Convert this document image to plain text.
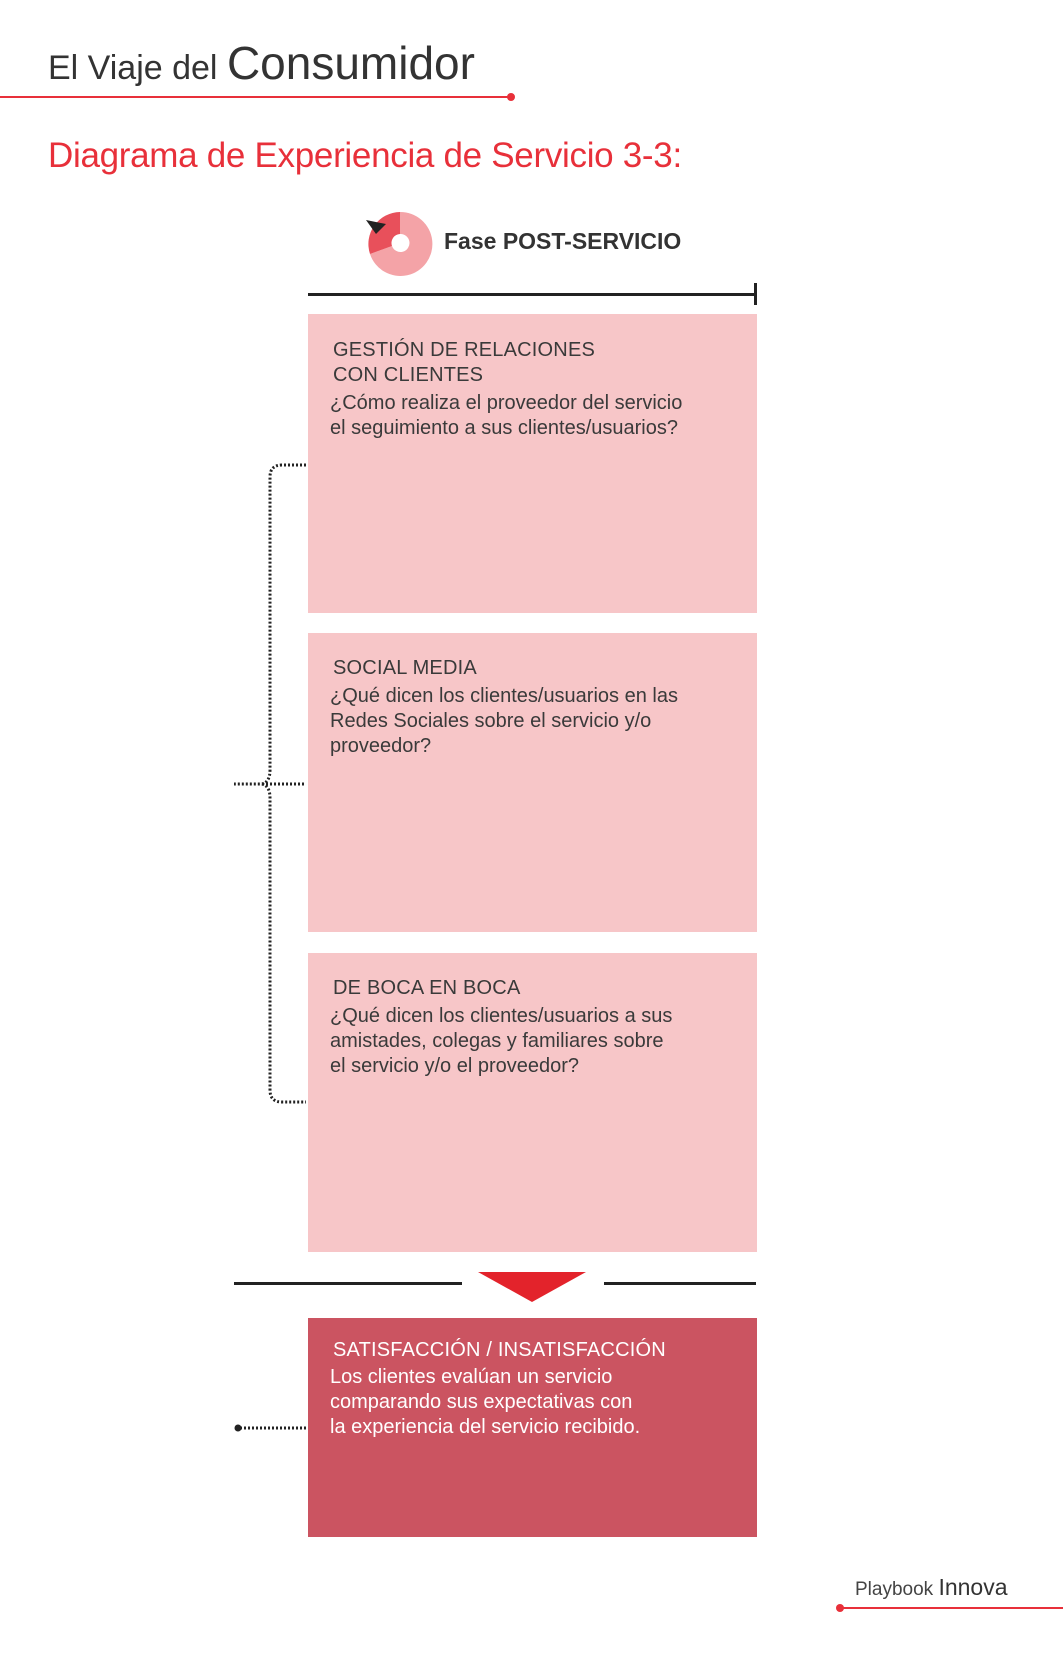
El Viaje del Consumidor
Diagrama de Experiencia de Servicio 3-3:
Fase POST-SERVICIO
GESTIÓN DE RELACIONES
CON CLIENTES
¿Cómo realiza el proveedor del servicio
el seguimiento a sus clientes/usuarios?
SOCIAL MEDIA
¿Qué dicen los clientes/usuarios en las
Redes Sociales sobre el servicio y/o
proveedor?
DE BOCA EN BOCA
¿Qué dicen los clientes/usuarios a sus
amistades, colegas y familiares sobre
el servicio y/o el proveedor?
SATISFACCIÓN / INSATISFACCIÓN
Los clientes evalúan un servicio
comparando sus expectativas con
la experiencia del servicio recibido.
Playbook Innova
